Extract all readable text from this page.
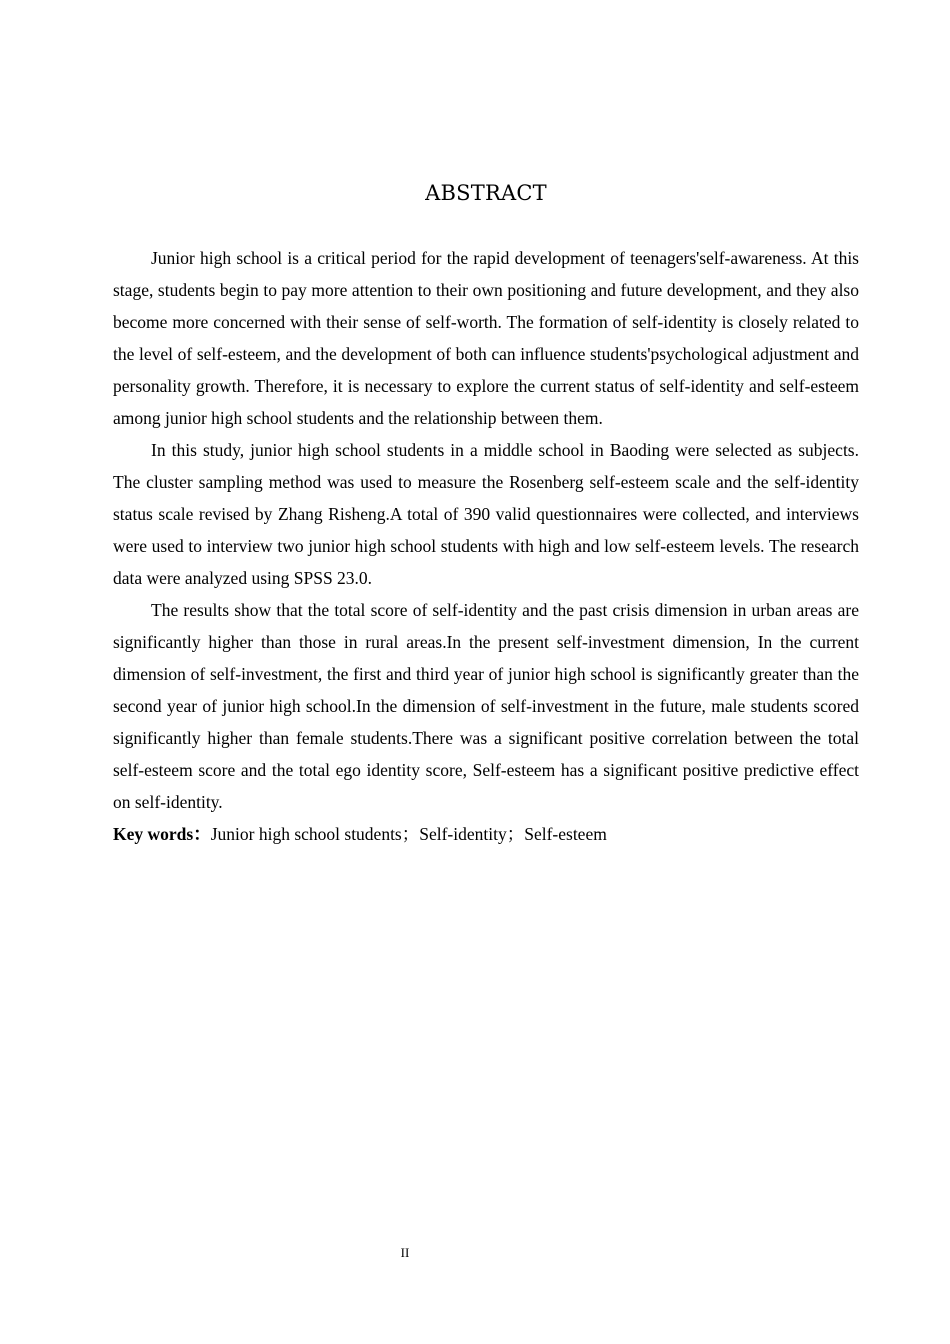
ABSTRACT

Junior high school is a critical period for the rapid development of teenagers'self-awareness. At this stage, students begin to pay more attention to their own positioning and future development, and they also become more concerned with their sense of self-worth. The formation of self-identity is closely related to the level of self-esteem, and the development of both can influence students'psychological adjustment and personality growth. Therefore, it is necessary to explore the current status of self-identity and self-esteem among junior high school students and the relationship between them.

In this study, junior high school students in a middle school in Baoding were selected as subjects. The cluster sampling method was used to measure the Rosenberg self-esteem scale and the self-identity status scale revised by Zhang Risheng.A total of 390 valid questionnaires were collected, and interviews were used to interview two junior high school students with high and low self-esteem levels. The research data were analyzed using SPSS 23.0.

The results show that the total score of self-identity and the past crisis dimension in urban areas are significantly higher than those in rural areas.In the present self-investment dimension, In the current dimension of self-investment, the first and third year of junior high school is significantly greater than the second year of junior high school.In the dimension of self-investment in the future, male students scored significantly higher than female students.There was a significant positive correlation between the total self-esteem score and the total ego identity score, Self-esteem has a significant positive predictive effect on self-identity.

Key words：Junior high school students；Self-identity；Self-esteem
II
